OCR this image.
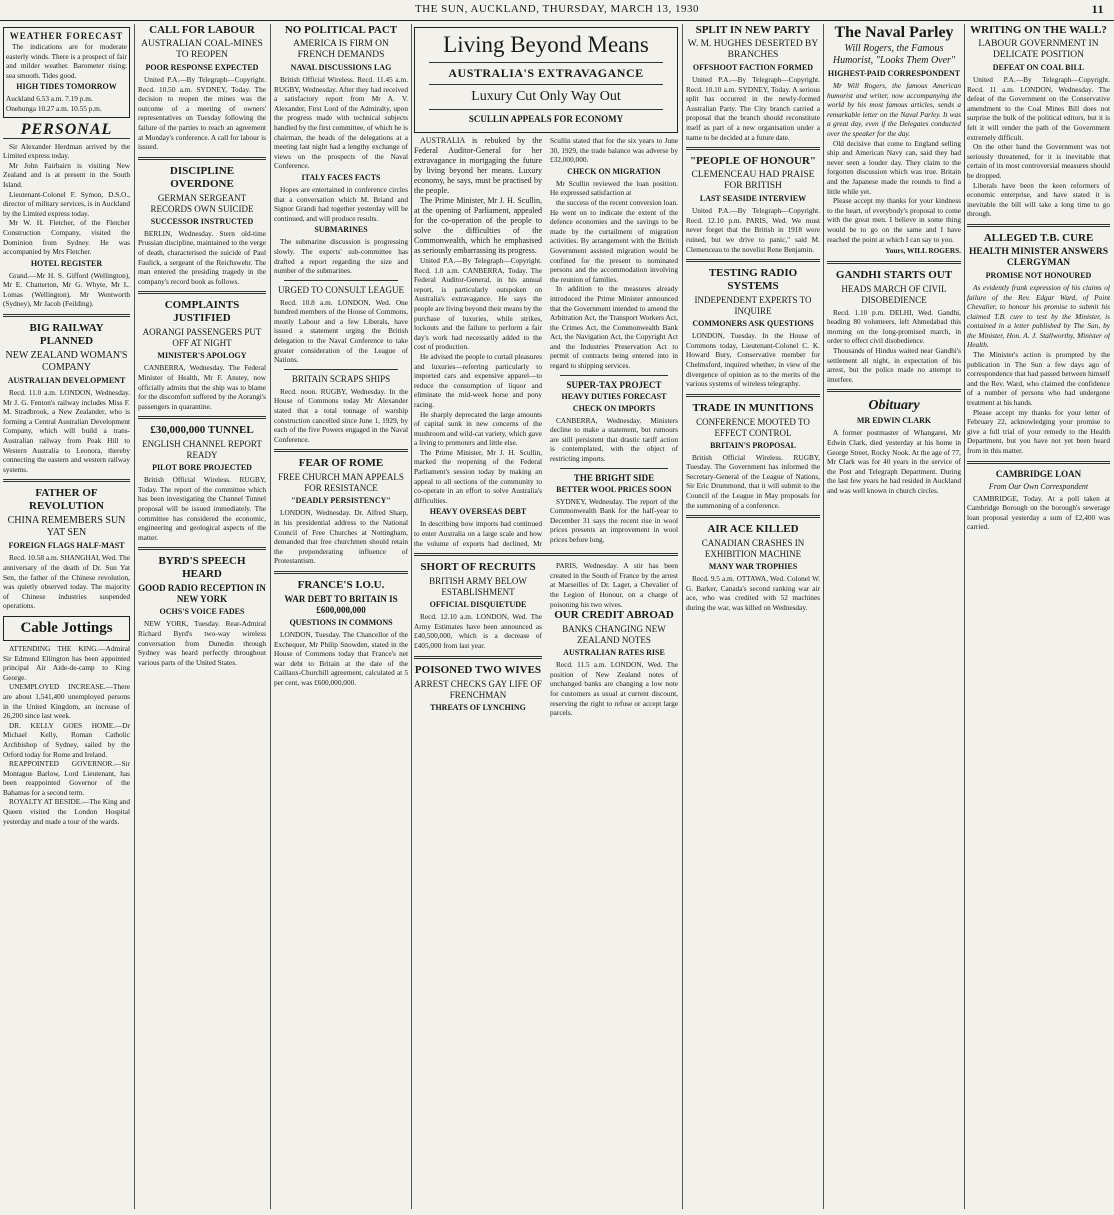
THE SUN, AUCKLAND, THURSDAY, MARCH 13, 1930	11
WEATHER FORECAST

The indications are for moderate easterly winds. There is a prospect of fair and milder weather. Barometer rising; sea smooth. Tides good.

HIGH TIDES TOMORROW
Auckland 6.53 a.m. 7.19 p.m.
Onehunga 10.27 a.m. 10.55 p.m.
PERSONAL

Sir Alexander Herdman arrived by the Limited express today.

Mr John Fairbairn is visiting New Zealand and is at present in the South Island.

Lieutenant-Colonel F. Symon, D.S.O., director of military services, is in Auckland by the Limited express today.

Mr W. H. Fletcher, of the Fletcher Construction Company, visited the Dominion from Sydney. He was accompanied by Mrs Fletcher.

HOTEL REGISTER

Grand.—Mr H. S. Gifford (Wellington), Mr E. Chatterton, Mr G. Whyte, Mr L. Lomas (Wellington), Mr Wentworth (Sydney), Mr Jacob (Feilding).

BIG RAILWAY PLANNED
NEW ZEALAND WOMAN'S COMPANY
AUSTRALIAN DEVELOPMENT

Recd. 11.0 a.m. LONDON, Wednesday. Mr J. G. Fenton's railway includes Miss F. M. Stradbrook, a New Zealander, who is forming a Central Australian Development Company, which will build a trans-Australian railway from Peak Hill to Western Australia to Leonora, thereby connecting the eastern and western railway systems.

FATHER OF REVOLUTION
CHINA REMEMBERS SUN YAT SEN
FOREIGN FLAGS HALF-MAST

Recd. 10.58 a.m. SHANGHAI, Wed. The anniversary of the death of Dr. Sun Yat Sen, the father of the Chinese revolution, was quietly observed today. The majority of Chinese industries suspended operations.

Cable Jottings

ATTENDING THE KING.—Admiral Sir Edmund Ellington has been appointed principal Air Aide-de-camp to King George.

UNEMPLOYED INCREASE.—There are about 1,541,400 unemployed persons in the United Kingdom, an increase of 26,200 since last week.

DR. KELLY GOES HOME.—Dr Michael Kelly, Roman Catholic Archbishop of Sydney, sailed by the Orford today for Rome and Ireland.

REAPPOINTED GOVERNOR.—Sir Montague Barlow, Lord Lieutenant, has been reappointed Governor of the Bahamas for a second term.

ROYALTY AT BESIDE.—The King and Queen visited the London Hospital yesterday and made a tour of the wards.

CALL FOR LABOUR
AUSTRALIAN COAL-MINES TO REOPEN
POOR RESPONSE EXPECTED

United P.A.—By Telegraph—Copyright. Recd. 10.50 a.m. SYDNEY, Today. The decision to reopen the mines was the outcome of a meeting of owners' representatives on Tuesday following the failure of the parties to reach an agreement at Monday's conference. A call for labour is issued.

DISCIPLINE OVERDONE
GERMAN SERGEANT RECORDS OWN SUICIDE
SUCCESSOR INSTRUCTED

BERLIN, Wednesday. Stern old-time Prussian discipline, maintained to the verge of death, characterised the suicide of Paul Faulick, a sergeant of the Reichswehr. The man entered the presiding tragedy in the company's record book as follows.

COMPLAINTS JUSTIFIED
AORANGI PASSENGERS PUT OFF AT NIGHT
MINISTER'S APOLOGY

CANBERRA, Wednesday. The Federal Minister of Health, Mr F. Anstey, now officially admits that the ship was to blame for the discomfort suffered by the Aorangi's passengers in quarantine.

£30,000,000 TUNNEL
ENGLISH CHANNEL REPORT READY
PILOT BORE PROJECTED

British Official Wireless. RUGBY, Today. The report of the committee which has been investigating the Channel Tunnel proposal will be issued immediately. The committee has considered the economic, engineering and geological aspects of the matter.

BYRD'S SPEECH HEARD
GOOD RADIO RECEPTION IN NEW YORK
OCHS'S VOICE FADES

NEW YORK, Tuesday. Rear-Admiral Richard Byrd's two-way wireless conversation from Dunedin through Sydney was heard perfectly throughout various parts of the United States.

NO POLITICAL PACT
AMERICA IS FIRM ON FRENCH DEMANDS
NAVAL DISCUSSIONS LAG

British Official Wireless. Recd. 11.45 a.m. RUGBY, Wednesday. After they had received a satisfactory report from Mr A. V. Alexander, First Lord of the Admiralty, upon the progress made with technical subjects handled by the first committee, of which he is chairman, the heads of the delegations at a meeting last night had a lengthy exchange of views on the prospects of the Naval Conference.

ITALY FACES FACTS

Hopes are entertained in conference circles that a conversation which M. Briand and Signor Grandi had together yesterday will be continued, and will produce results.

SUBMARINES

The submarine discussion is progressing slowly. The experts' sub-committee has drafted a report regarding the size and number of the submarines.

URGED TO CONSULT LEAGUE

Recd. 10.8 a.m. LONDON, Wed. One hundred members of the House of Commons, mostly Labour and a few Liberals, have issued a statement urging the British delegation to the Naval Conference to take greater consideration of the League of Nations.

BRITAIN SCRAPS SHIPS

Recd. noon. RUGBY, Wednesday. In the House of Commons today Mr Alexander stated that a total tonnage of warship construction cancelled since June 1, 1929, by each of the five Powers engaged in the Naval Conference.

FEAR OF ROME
FREE CHURCH MAN APPEALS FOR RESISTANCE
"DEADLY PERSISTENCY"

LONDON, Wednesday. Dr. Alfred Sharp, in his presidential address to the National Council of Free Churches at Nottingham, demanded that free churchmen should retain the preponderating influence of Protestantism.

FRANCE'S I.O.U.
WAR DEBT TO BRITAIN IS £600,000,000
QUESTIONS IN COMMONS

LONDON, Tuesday. The Chancellor of the Exchequer, Mr Philip Snowden, stated in the House of Commons today that France's net war debt to Britain at the date of the Caillaux-Churchill agreement, calculated at 5 per cent, was £600,000,000.

Living Beyond Means
AUSTRALIA'S EXTRAVAGANCE
Luxury Cut Only Way Out
SCULLIN APPEALS FOR ECONOMY

AUSTRALIA is rebuked by the Federal Auditor-General for her extravagance in mortgaging the future by living beyond her means. Luxury economy, he says, must be practised by the people.

The Prime Minister, Mr J. H. Scullin, at the opening of Parliament, appealed for the co-operation of the people to solve the difficulties of the Commonwealth, which he emphasised as seriously embarrassing its progress.

United P.A.—By Telegraph—Copyright. Recd. 1.0 a.m. CANBERRA, Today. The Federal Auditor-General, in his annual report, is particularly outspoken on Australia's extravagance. He says the people are living beyond their means by the purchase of luxuries, while strikes, lockouts and the failure to perform a fair day's work had necessarily added to the cost of production.

He advised the people to curtail pleasures and luxuries—referring particularly to imported cars and expensive apparel—to reduce the consumption of liquor and eliminate the mid-week horse and pony racing.

He sharply deprecated the large amounts of capital sunk in new concerns of the mushroom and wild-cat variety, which gave a living to promoters and little else.

The Prime Minister, Mr J. H. Scullin, marked the reopening of the Federal Parliament's session today by making an appeal to all sections of the community to co-operate in an effort to solve Australia's difficulties.

HEAVY OVERSEAS DEBT

In describing how imports had continued to enter Australia on a large scale and how the volume of exports had declined, Mr Scullin stated that for the six years to June 30, 1929, the trade balance was adverse by £32,000,000.

CHECK ON MIGRATION

Mr Scullin reviewed the loan position. He expressed satisfaction at

the success of the recent conversion loan. He went on to indicate the extent of the defence economies and the savings to be made by the curtailment of migration activities. By arrangement with the British Government assisted migration would be confined for the present to nominated persons and the accommodation involving the reunion of families.

In addition to the measures already introduced the Prime Minister announced that the Government intended to amend the Arbitration Act, the Transport Workers Act, the Crimes Act, the Commonwealth Bank Act, the Navigation Act, the Copyright Act and the Industries Preservation Act to permit of contracts being entered into in regard to shipping services.

SUPER-TAX PROJECT
HEAVY DUTIES FORECAST
CHECK ON IMPORTS

CANBERRA, Wednesday. Ministers decline to make a statement, but rumours are still persistent that drastic tariff action is contemplated, with the object of restricting imports.

THE BRIGHT SIDE
BETTER WOOL PRICES SOON

SYDNEY, Wednesday. The report of the Commonwealth Bank for the half-year to December 31 says the recent rise in wool prices presents an improvement in wool prices before long.

SHORT OF RECRUITS
BRITISH ARMY BELOW ESTABLISHMENT
OFFICIAL DISQUIETUDE

Recd. 12.10 a.m. LONDON, Wed. The Army Estimates have been announced as £40,500,000, which is a decrease of £405,000 from last year.

POISONED TWO WIVES
ARREST CHECKS GAY LIFE OF FRENCHMAN
THREATS OF LYNCHING

PARIS, Wednesday. A stir has been created in the South of France by the arrest at Marseilles of Dr. Laget, a Chevalier of the Legion of Honour, on a charge of poisoning his two wives.

OUR CREDIT ABROAD
BANKS CHANGING NEW ZEALAND NOTES
AUSTRALIAN RATES RISE

Recd. 11.5 a.m. LONDON, Wed. The position of New Zealand notes of unchanged banks are changing a low note for customers as usual at current discount, reserving the right to refuse or accept large parcels.

SPLIT IN NEW PARTY
W. M. HUGHES DESERTED BY BRANCHES
OFFSHOOT FACTION FORMED

United P.A.—By Telegraph—Copyright. Recd. 10.10 a.m. SYDNEY, Today. A serious split has occurred in the newly-formed Australian Party. The City branch carried a proposal that the branch should reconstitute itself as part of a new organisation under a name to be decided at a future date.

"PEOPLE OF HONOUR"
CLEMENCEAU HAD PRAISE FOR BRITISH
LAST SEASIDE INTERVIEW

United P.A.—By Telegraph—Copyright. Recd. 12.10 p.m. PARIS, Wed. We must never forget that the British in 1918 were ruined, but we drive to panic," said M. Clemenceau to the novelist Rene Benjamin.

TESTING RADIO SYSTEMS
INDEPENDENT EXPERTS TO INQUIRE
COMMONERS ASK QUESTIONS

LONDON, Tuesday. In the House of Commons today, Lieutenant-Colonel C. K. Howard Bury, Conservative member for Chelmsford, inquired whether, in view of the divergence of opinion as to the merits of the various systems of wireless telegraphy.

TRADE IN MUNITIONS
CONFERENCE MOOTED TO EFFECT CONTROL
BRITAIN'S PROPOSAL

British Official Wireless. RUGBY, Tuesday. The Government has informed the Secretary-General of the League of Nations, Sir Eric Drummond, that it will submit to the Council of the League in May proposals for the summoning of a conference.

AIR ACE KILLED
CANADIAN CRASHES IN EXHIBITION MACHINE
MANY WAR TROPHIES

Recd. 9.5 a.m. OTTAWA, Wed. Colonel W. G. Barker, Canada's second ranking war air ace, who was credited with 52 machines during the war, was killed on Wednesday.

The Naval Parley
Will Rogers, the Famous Humorist, "Looks Them Over"
HIGHEST-PAID CORRESPONDENT

Mr Will Rogers, the famous American humorist and writer, now accompanying the world by his most famous articles, sends a remarkable letter on the Naval Parley. It was a great day, even if the Delegates conducted over the speaker for the day.

Old decisive that come to England selling ship and American Navy can, said they had never seen a louder day. They claim to the forgotten discussion which was true. Britain and the Japanese made the rounds to find a little while yet.

Please accept my thanks for your kindness to the heart, of everybody's proposal to come with the great men. I believe in some thing would be to go on the same and I have reached the point at which I can say to you.

Yours, WILL ROGERS.
GANDHI STARTS OUT
HEADS MARCH OF CIVIL DISOBEDIENCE

Recd. 1.10 p.m. DELHI, Wed. Gandhi, heading 80 volunteers, left Ahmedabad this morning on the long-promised march, in order to effect civil disobedience.

Thousands of Hindus waited near Gandhi's settlement all night, in expectation of his arrest, but the police made no attempt to interfere.

Obituary
MR EDWIN CLARK

A former postmaster of Whangarei, Mr Edwin Clark, died yesterday at his home in George Street, Rocky Nook. At the age of 77, Mr Clark was for 40 years in the service of the Post and Telegraph Department. During the last few years he had resided in Auckland and was well known in church circles.

WRITING ON THE WALL?
LABOUR GOVERNMENT IN DELICATE POSITION
DEFEAT ON COAL BILL

United P.A.—By Telegraph—Copyright. Recd. 11 a.m. LONDON, Wednesday. The defeat of the Government on the Conservative amendment to the Coal Mines Bill does not surprise the bulk of the political editors, but it is felt it will render the path of the Government extremely difficult.

On the other hand the Government was not seriously threatened, for it is inevitable that certain of its most controversial measures should be dropped.

Liberals have been the keen reformers of economic enterprise, and have stated it is inevitable the bill will take a long time to go through.

ALLEGED T.B. CURE
HEALTH MINISTER ANSWERS CLERGYMAN
PROMISE NOT HONOURED

As evidently frank expression of his claims of failure of the Rev. Edgar Ward, of Point Chevalier, to honour his promise to submit his claimed T.B. cure to test by the Minister, is contained in a letter published by The Sun, by the Minister, Hon. A. J. Stallworthy, Minister of Health.

The Minister's action is prompted by the publication in The Sun a few days ago of correspondence that had passed between himself and the Rev. Ward, who claimed the confidence of a number of persons who had undergone treatment at his hands.

Please accept my thanks for your letter of February 22, acknowledging your promise to give a full trial of your remedy to the Health Department, but you have not yet been heard from in this matter.

CAMBRIDGE LOAN
From Our Own Correspondent

CAMBRIDGE, Today. At a poll taken at Cambridge Borough on the borough's sewerage loan proposal yesterday a sum of £2,400 was carried.
